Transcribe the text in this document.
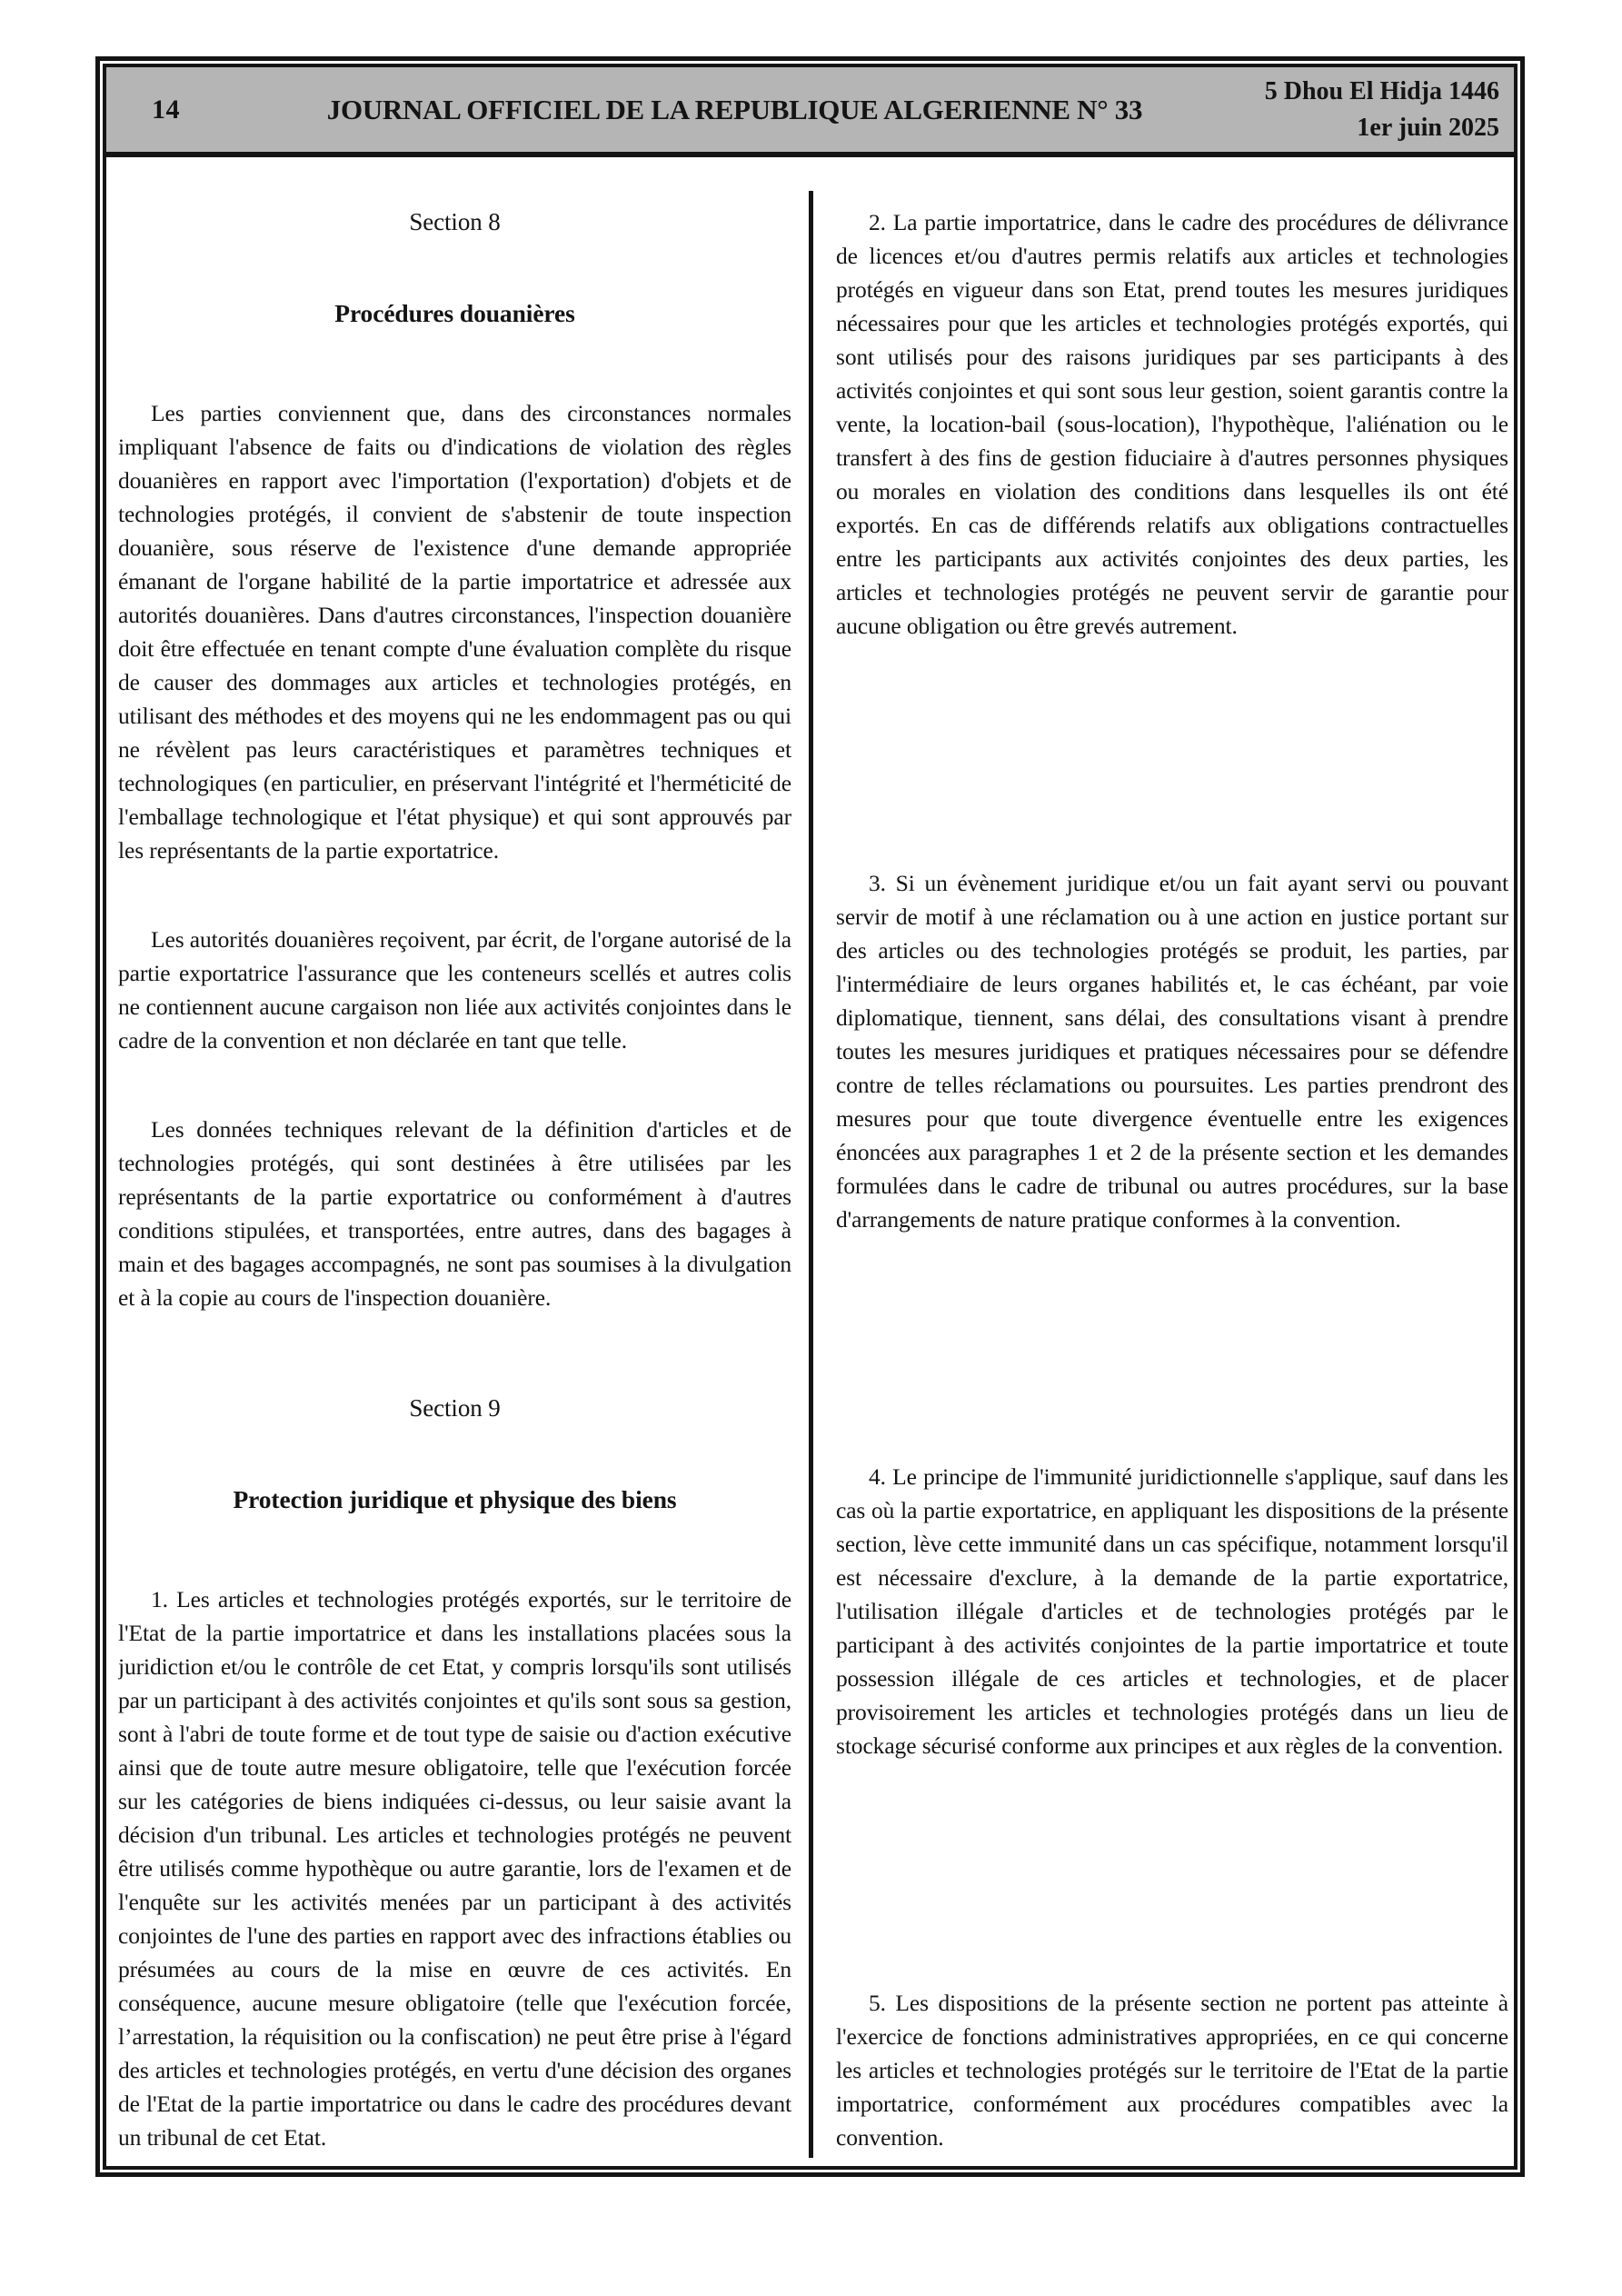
14	JOURNAL OFFICIEL DE LA REPUBLIQUE ALGERIENNE N° 33
5 Dhou El Hidja 1446
1er juin 2025
Section 8
Procédures douanières

Les parties conviennent que, dans des circonstances normales impliquant l'absence de faits ou d'indications de violation des règles douanières en rapport avec l'importation (l'exportation) d'objets et de technologies protégés, il convient de s'abstenir de toute inspection douanière, sous réserve de l'existence d'une demande appropriée émanant de l'organe habilité de la partie importatrice et adressée aux autorités douanières. Dans d'autres circonstances, l'inspection douanière doit être effectuée en tenant compte d'une évaluation complète du risque de causer des dommages aux articles et technologies protégés, en utilisant des méthodes et des moyens qui ne les endommagent pas ou qui ne révèlent pas leurs caractéristiques et paramètres techniques et technologiques (en particulier, en préservant l'intégrité et l'herméticité de l'emballage technologique et l'état physique) et qui sont approuvés par les représentants de la partie exportatrice.

Les autorités douanières reçoivent, par écrit, de l'organe autorisé de la partie exportatrice l'assurance que les conteneurs scellés et autres colis ne contiennent aucune cargaison non liée aux activités conjointes dans le cadre de la convention et non déclarée en tant que telle.

Les données techniques relevant de la définition d'articles et de technologies protégés, qui sont destinées à être utilisées par les représentants de la partie exportatrice ou conformément à d'autres conditions stipulées, et transportées, entre autres, dans des bagages à main et des bagages accompagnés, ne sont pas soumises à la divulgation et à la copie au cours de l'inspection douanière.

Section 9
Protection juridique et physique des biens

1. Les articles et technologies protégés exportés, sur le territoire de l'Etat de la partie importatrice et dans les installations placées sous la juridiction et/ou le contrôle de cet Etat, y compris lorsqu'ils sont utilisés par un participant à des activités conjointes et qu'ils sont sous sa gestion, sont à l'abri de toute forme et de tout type de saisie ou d'action exécutive ainsi que de toute autre mesure obligatoire, telle que l'exécution forcée sur les catégories de biens indiquées ci-dessus, ou leur saisie avant la décision d'un tribunal. Les articles et technologies protégés ne peuvent être utilisés comme hypothèque ou autre garantie, lors de l'examen et de l'enquête sur les activités menées par un participant à des activités conjointes de l'une des parties en rapport avec des infractions établies ou présumées au cours de la mise en œuvre de ces activités. En conséquence, aucune mesure obligatoire (telle que l'exécution forcée, l’arrestation, la réquisition ou la confiscation) ne peut être prise à l'égard des articles et technologies protégés, en vertu d'une décision des organes de l'Etat de la partie importatrice ou dans le cadre des procédures devant un tribunal de cet Etat.

2. La partie importatrice, dans le cadre des procédures de délivrance de licences et/ou d'autres permis relatifs aux articles et technologies protégés en vigueur dans son Etat, prend toutes les mesures juridiques nécessaires pour que les articles et technologies protégés exportés, qui sont utilisés pour des raisons juridiques par ses participants à des activités conjointes et qui sont sous leur gestion, soient garantis contre la vente, la location-bail (sous-location), l'hypothèque, l'aliénation ou le transfert à des fins de gestion fiduciaire à d'autres personnes physiques ou morales en violation des conditions dans lesquelles ils ont été exportés. En cas de différends relatifs aux obligations contractuelles entre les participants aux activités conjointes des deux parties, les articles et technologies protégés ne peuvent servir de garantie pour aucune obligation ou être grevés autrement.

3. Si un évènement juridique et/ou un fait ayant servi ou pouvant servir de motif à une réclamation ou à une action en justice portant sur des articles ou des technologies protégés se produit, les parties, par l'intermédiaire de leurs organes habilités et, le cas échéant, par voie diplomatique, tiennent, sans délai, des consultations visant à prendre toutes les mesures juridiques et pratiques nécessaires pour se défendre contre de telles réclamations ou poursuites. Les parties prendront des mesures pour que toute divergence éventuelle entre les exigences énoncées aux paragraphes 1 et 2 de la présente section et les demandes formulées dans le cadre de tribunal ou autres procédures, sur la base d'arrangements de nature pratique conformes à la convention.

4. Le principe de l'immunité juridictionnelle s'applique, sauf dans les cas où la partie exportatrice, en appliquant les dispositions de la présente section, lève cette immunité dans un cas spécifique, notamment lorsqu'il est nécessaire d'exclure, à la demande de la partie exportatrice, l'utilisation illégale d'articles et de technologies protégés par le participant à des activités conjointes de la partie importatrice et toute possession illégale de ces articles et technologies, et de placer provisoirement les articles et technologies protégés dans un lieu de stockage sécurisé conforme aux principes et aux règles de la convention.

5. Les dispositions de la présente section ne portent pas atteinte à l'exercice de fonctions administratives appropriées, en ce qui concerne les articles et technologies protégés sur le territoire de l'Etat de la partie importatrice, conformément aux procédures compatibles avec la convention.
